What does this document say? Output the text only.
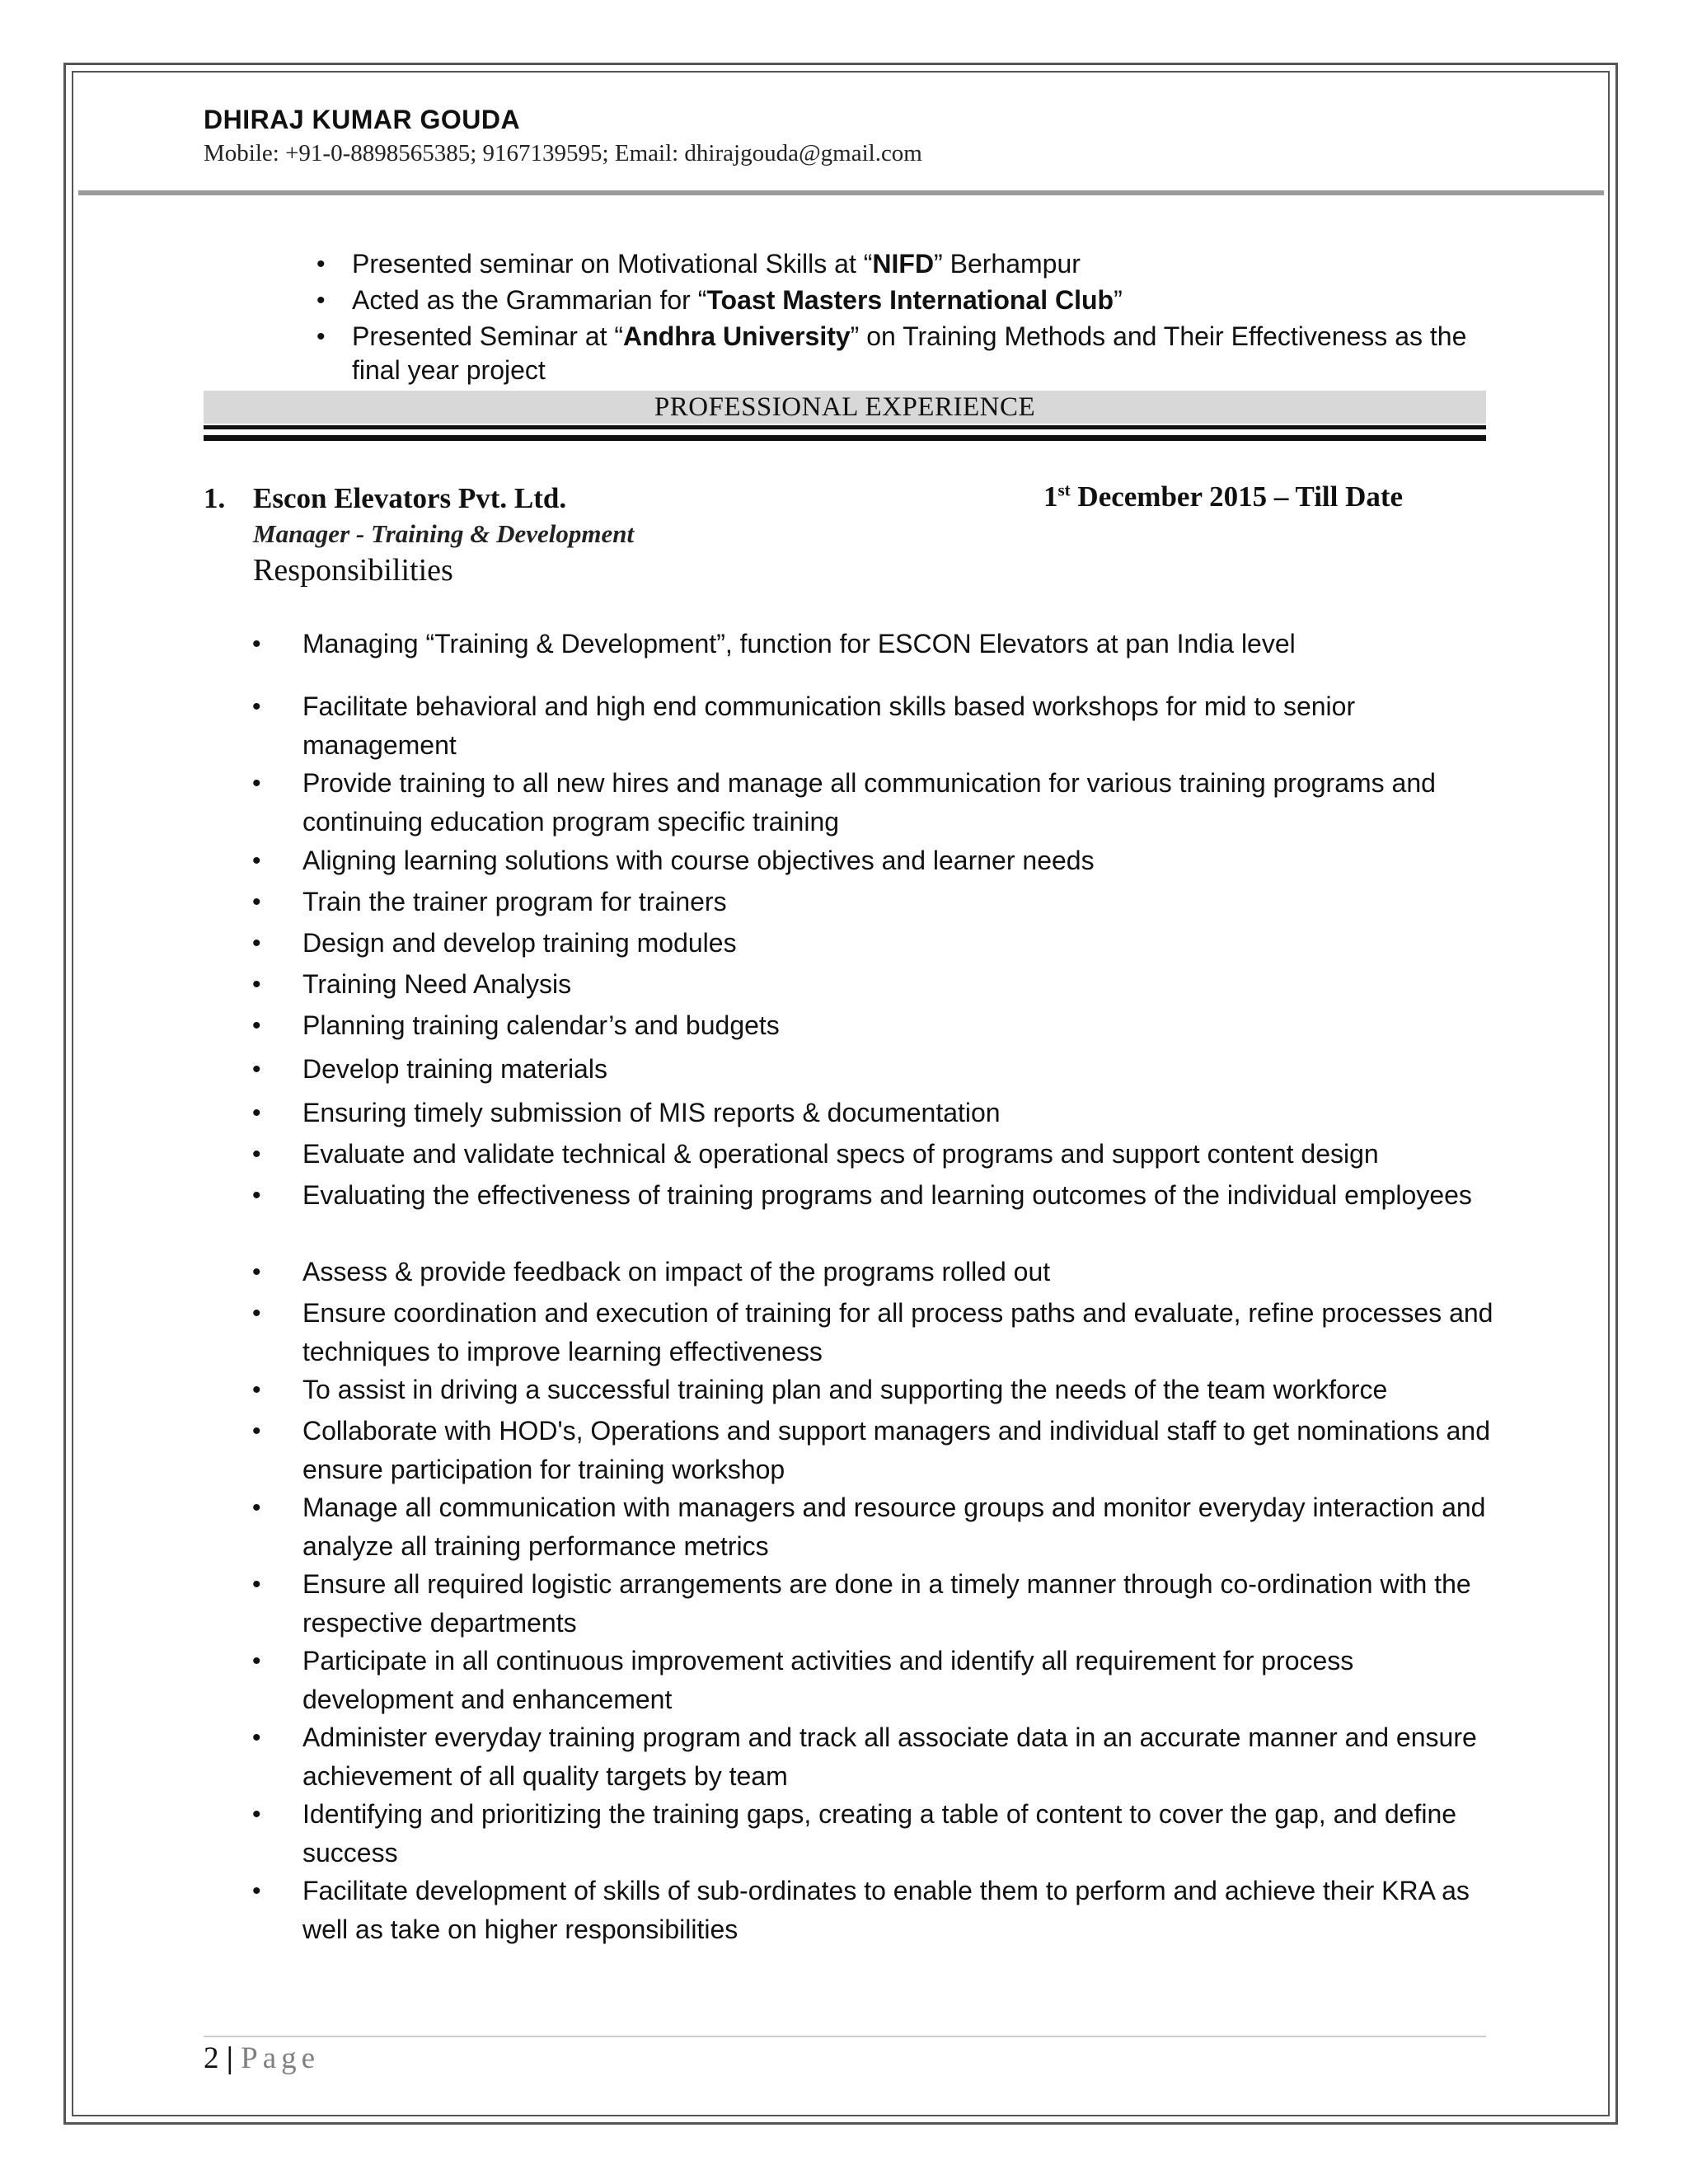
DHIRAJ KUMAR GOUDA
Mobile: +91-0-8898565385; 9167139595; Email: dhirajgouda@gmail.com
• Presented seminar on Motivational Skills at “NIFD” Berhampur
• Acted as the Grammarian for “Toast Masters International Club”
• Presented Seminar at “Andhra University” on Training Methods and Their Effectiveness as the final year project
PROFESSIONAL EXPERIENCE
1. Escon Elevators Pvt. Ltd.	1st December 2015 – Till Date
Manager - Training & Development
Responsibilities
• Managing “Training & Development”, function for ESCON Elevators at pan India level
• Facilitate behavioral and high end communication skills based workshops for mid to senior management
• Provide training to all new hires and manage all communication for various training programs and continuing education program specific training
• Aligning learning solutions with course objectives and learner needs
• Train the trainer program for trainers
• Design and develop training modules
• Training Need Analysis
• Planning training calendar’s and budgets
• Develop training materials
• Ensuring timely submission of MIS reports & documentation
• Evaluate and validate technical & operational specs of programs and support content design
• Evaluating the effectiveness of training programs and learning outcomes of the individual employees
• Assess & provide feedback on impact of the programs rolled out
• Ensure coordination and execution of training for all process paths and evaluate, refine processes and techniques to improve learning effectiveness
• To assist in driving a successful training plan and supporting the needs of the team workforce
• Collaborate with HOD's, Operations and support managers and individual staff to get nominations and ensure participation for training workshop
• Manage all communication with managers and resource groups and monitor everyday interaction and analyze all training performance metrics
• Ensure all required logistic arrangements are done in a timely manner through co-ordination with the respective departments
• Participate in all continuous improvement activities and identify all requirement for process development and enhancement
• Administer everyday training program and track all associate data in an accurate manner and ensure achievement of all quality targets by team
• Identifying and prioritizing the training gaps, creating a table of content to cover the gap, and define success
• Facilitate development of skills of sub-ordinates to enable them to perform and achieve their KRA as well as take on higher responsibilities
2 | Page
